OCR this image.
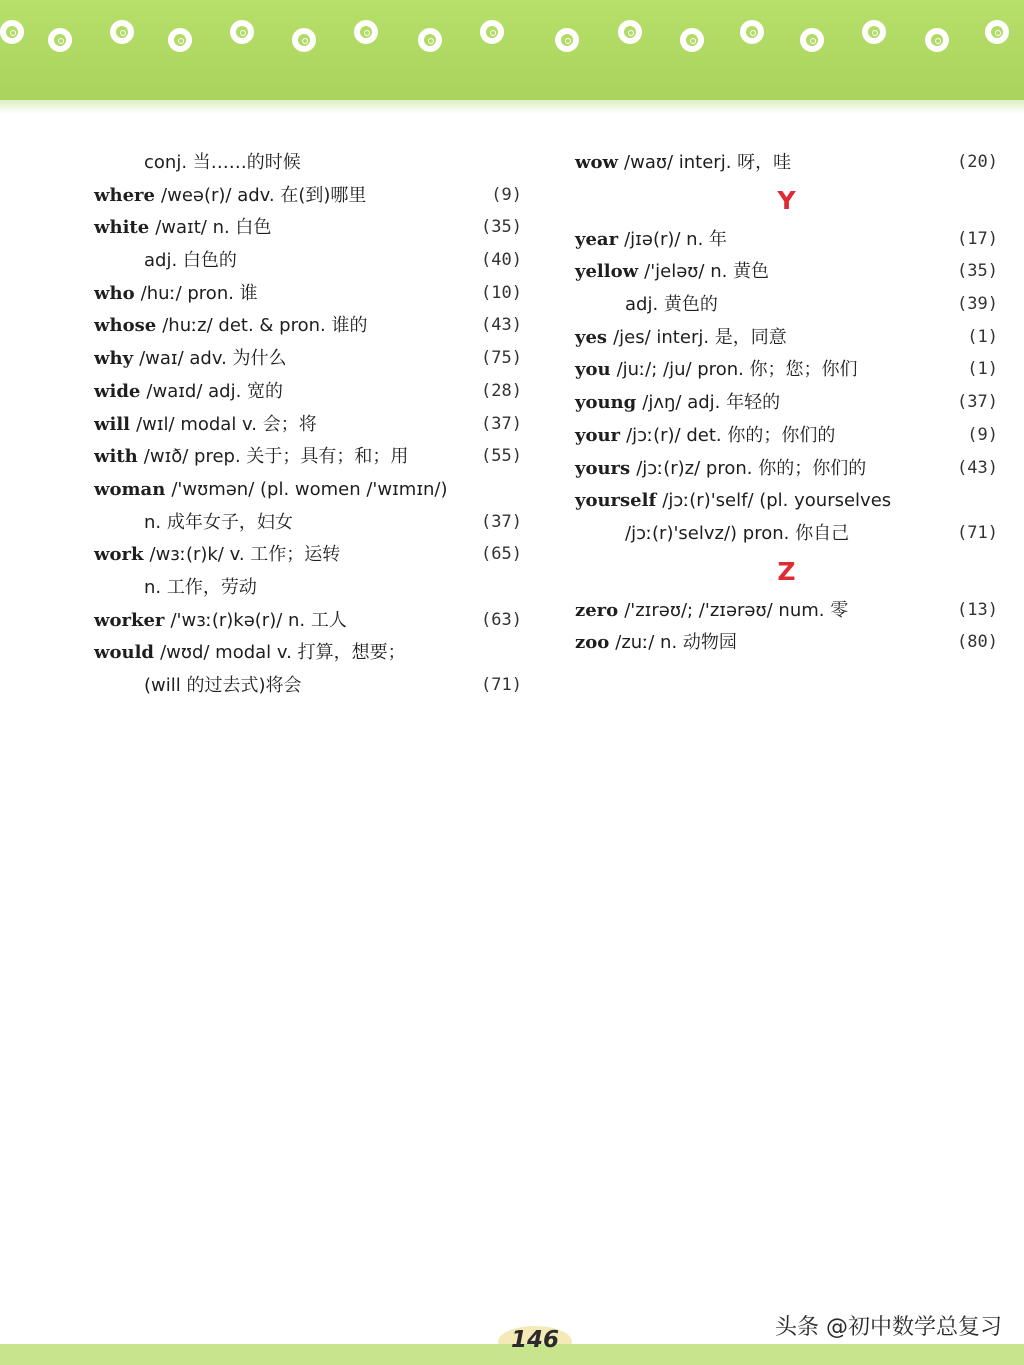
conj. 当……的时候
where /weə(r)/ adv. 在(到)哪里	(9)
white /waɪt/ n. 白色	(35)
adj. 白色的	(40)
who /huː/ pron. 谁	(10)
whose /huːz/ det. & pron. 谁的	(43)
why /waɪ/ adv. 为什么	(75)
wide /waɪd/ adj. 宽的	(28)
will /wɪl/ modal v. 会；将	(37)
with /wɪð/ prep. 关于；具有；和；用	(55)
woman /'wʊmən/ (pl. women /'wɪmɪn/)
n. 成年女子，妇女	(37)
work /wɜː(r)k/ v. 工作；运转	(65)
n. 工作，劳动
worker /'wɜː(r)kə(r)/ n. 工人	(63)
would /wʊd/ modal v. 打算，想要；
(will 的过去式)将会	(71)
wow /waʊ/ interj. 呀，哇	(20)
Y
year /jɪə(r)/ n. 年	(17)
yellow /'jeləʊ/ n. 黄色	(35)
adj. 黄色的	(39)
yes /jes/ interj. 是，同意	(1)
you /juː/; /ju/ pron. 你；您；你们	(1)
young /jʌŋ/ adj. 年轻的	(37)
your /jɔː(r)/ det. 你的；你们的	(9)
yours /jɔː(r)z/ pron. 你的；你们的	(43)
yourself /jɔː(r)'self/ (pl. yourselves
/jɔː(r)'selvz/) pron. 你自己	(71)
Z
zero /'zɪrəʊ/; /'zɪərəʊ/ num. 零	(13)
zoo /zuː/ n. 动物园	(80)
146	头条 @初中数学总复习
